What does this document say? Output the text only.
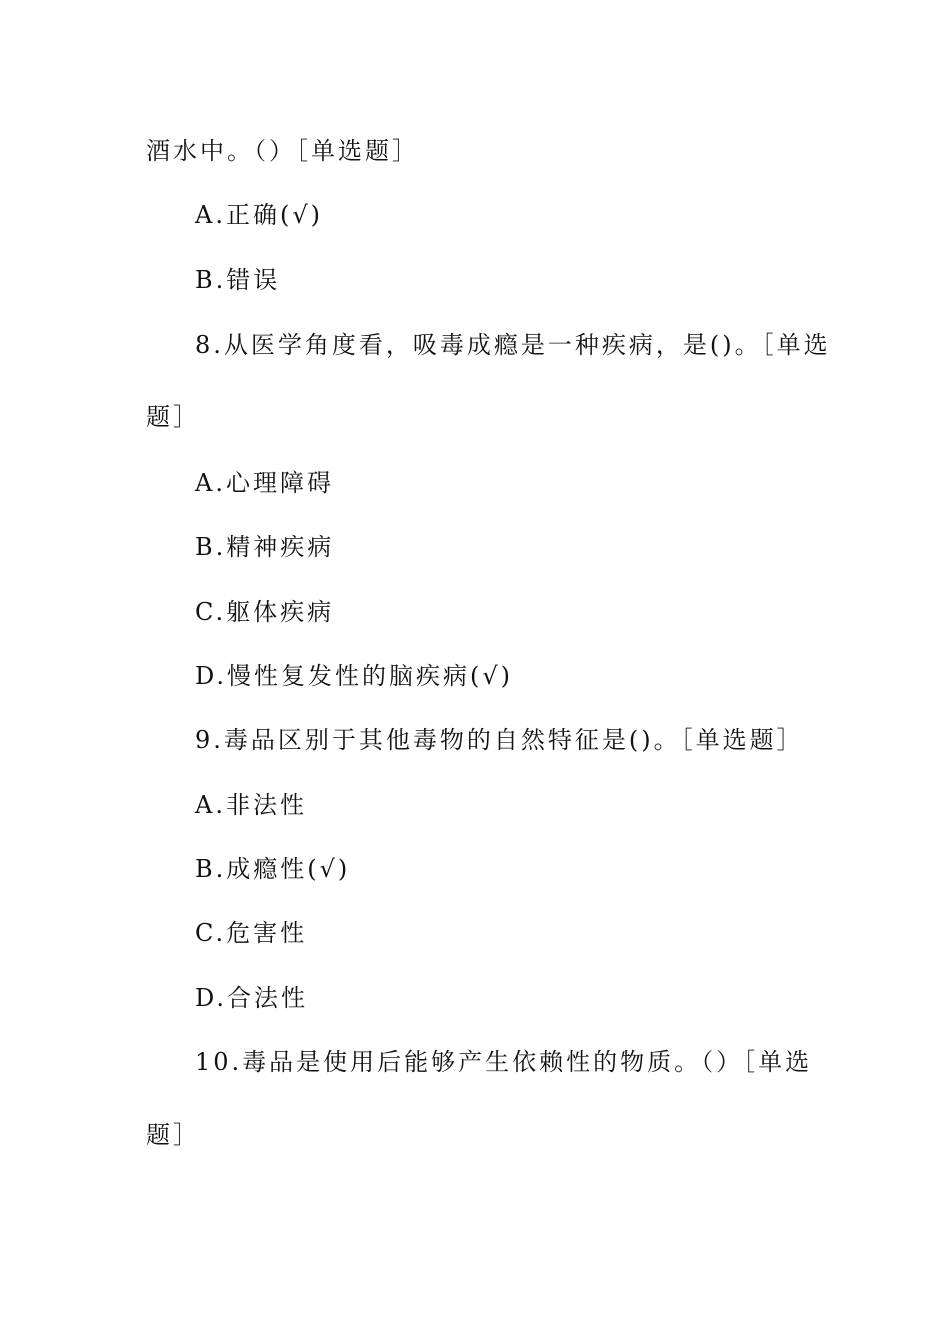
酒水中。（）［单选题］
A.正确(√)
B.错误
8.从医学角度看，吸毒成瘾是一种疾病，是()。［单选
题］
A.心理障碍
B.精神疾病
C.躯体疾病
D.慢性复发性的脑疾病(√)
9.毒品区别于其他毒物的自然特征是()。［单选题］
A.非法性
B.成瘾性(√)
C.危害性
D.合法性
10.毒品是使用后能够产生依赖性的物质。（）［单选
题］
